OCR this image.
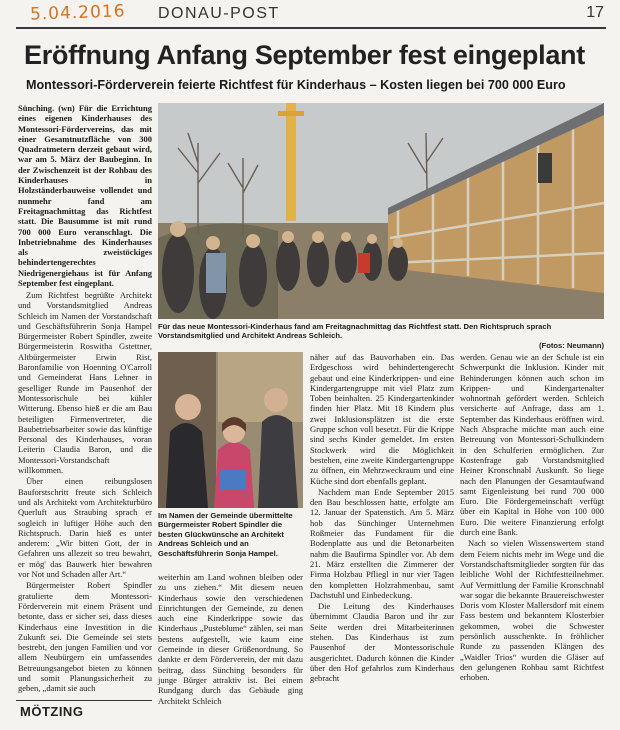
5.04.2016 DONAU-POST	17
Eröffnung Anfang September fest eingeplant
Montessori-Förderverein feierte Richtfest für Kinderhaus – Kosten liegen bei 700 000 Euro

Sünching. (wn) Für die Errichtung eines eigenen Kinderhauses des Montessori-Fördervereins, das mit einer Gesamtnutzfläche von 300 Quadratmetern derzeit gebaut wird, war am 5. März der Baubeginn. In der Zwischenzeit ist der Rohbau des Kinderhauses in Holzständerbauweise vollendet und nunmehr fand am Freitagnachmittag das Richtfest statt. Die Bausumme ist mit rund 700 000 Euro veranschlagt. Die Inbetriebnahme des Kinderhauses als zweistöckiges behindertengerechtes Niedrigenergiehaus ist für Anfang September fest eingeplant.

Zum Richtfest begrüßte Architekt und Vorstandsmitglied Andreas Schleich im Namen der Vorstandschaft und Geschäftsführerin Sonja Hampel Bürgermeister Robert Spindler, zweite Bürgermeisterin Roswitha Gstettner, Altbürgermeister Erwin Rist, Baronfamilie von Hoenning O'Carroll und Gemeinderat Hans Lehner in geselliger Runde im Pausenhof der Montessorischule bei kühler Witterung. Ebenso hieß er die am Bau beteiligten Firmenvertreter, die Baubetriebsarbeiter sowie das künftige Personal des Kinderhauses, voran Leiterin Claudia Baron, und die Montessori-Vorstandschaft willkommen.

Über einen reibungslosen Bauforstschritt freute sich Schleich und als Architekt vom Architekturbüro Querluft aus Straubing sprach er sogleich in luftiger Höhe auch den Richtspruch. Darin hieß es unter anderem: „Wir bitten Gott, der in Gefahren uns allezeit so treu bewahrt, er mög' das Bauwerk hier bewahren vor Not und Schaden aller Art.“

Bürgermeister Robert Spindler gratulierte dem Montessori-Förderverein mit einem Präsent und betonte, dass er sicher sei, dass dieses Kinderhaus eine Investition in die Zukunft sei. Die Gemeinde sei stets bestrebt, den jungen Familien und vor allem Neubürgern ein umfassendes Betreuungsangebot bieten zu können und somit Planungssicherheit zu geben, „damit sie auch

Für das neue Montessori-Kinderhaus fand am Freitagnachmittag das Richtfest statt. Den Richtspruch sprach Vorstandsmitglied und Architekt Andreas Schleich.
(Fotos: Neumann)
Im Namen der Gemeinde übermittelte Bürgermeister Robert Spindler die besten Glückwünsche an Architekt Andreas Schleich und an Geschäftsführerin Sonja Hampel.

weiterhin am Land wohnen bleiben oder zu uns ziehen.“ Mit diesem neuen Kinderhaus sowie den verschiedenen Einrichtungen der Gemeinde, zu denen auch eine Kinderkrippe sowie das Kinderhaus „Pusteblume“ zählen, sei man bestens aufgestellt, wie kaum eine Gemeinde in dieser Größenordnung. So dankte er dem Förderverein, der mit dazu beitrag, dass Sünching besonders für junge Bürger attraktiv ist. Bei einem Rundgang durch das Gebäude ging Architekt Schleich

näher auf das Bauvorhaben ein. Das Erdgeschoss wird behindertengerecht gebaut und eine Kinderkrippen- und eine Kindergartengruppe mit viel Platz zum Toben beinhalten. 25 Kindergartenkinder finden hier Platz. Mit 18 Kindern plus zwei Inklusionsplätzen ist die erste Gruppe schon voll besetzt. Für die Krippe sind sechs Kinder gemeldet. Im ersten Stockwerk wird die Möglichkeit bestehen, eine zweite Kindergartengruppe zu öffnen, ein Mehrzweckraum und eine Küche sind dort ebenfalls geplant.

Nachdem man Ende September 2015 den Bau beschlossen hatte, erfolgte am 12. Januar der Spatenstich. Am 5. März hob das Sünchinger Unternehmen Roßmeier das Fundament für die Bodenplatte aus und die Betonarbeiten nahm die Baufirma Spindler vor. Ab dem 21. März erstellten die Zimmerer der Firma Holzbau Pfliegl in nur vier Tagen den kompletten Holzrahmenbau, samt Dachstuhl und Einbedeckung.

Die Leitung des Kinderhauses übernimmt Claudia Baron und ihr zur Seite werden drei Mitarbeiterinnen stehen. Das Kinderhaus ist zum Pausenhof der Montessorischule ausgerichtet. Dadurch können die Kinder über den Hof gefahrlos zum Kinderhaus gebracht

werden. Genau wie an der Schule ist ein Schwerpunkt die Inklusion. Kinder mit Behinderungen können auch schon im Krippen- und Kindergartenalter wohnortnah gefördert werden. Schleich versicherte auf Anfrage, dass am 1. September das Kinderhaus eröffnen wird. Nach Absprache möchte man auch eine Betreuung von Montessori-Schulkindern in den Schulferien ermöglichen. Zur Kostenfrage gab Vorstandsmitglied Heiner Kronschnabl Auskunft. So liege nach den Planungen der Gesamtaufwand samt Eigenleistung bei rund 700 000 Euro. Die Fördergemeinschaft verfügt über ein Kapital in Höhe von 100 000 Euro. Die weitere Finanzierung erfolgt durch eine Bank.

Nach so vielen Wissenswertem stand dem Feiern nichts mehr im Wege und die Vorstandschaftsmitglieder sorgten für das leibliche Wohl der Richtfestteilnehmer. Auf Vermittlung der Familie Kronschnabl war sogar die bekannte Brauereischwester Doris vom Kloster Mallersdorf mit einem Fass bestem und bekanntem Klosterbier gekommen, wobei die Schwester persönlich ausschenkte. In fröhlicher Runde zu passenden Klängen des „Waidler Trios“ wurden die Gläser auf den gelungenen Rohbau samt Richtfest erhoben.

MÖTZING
